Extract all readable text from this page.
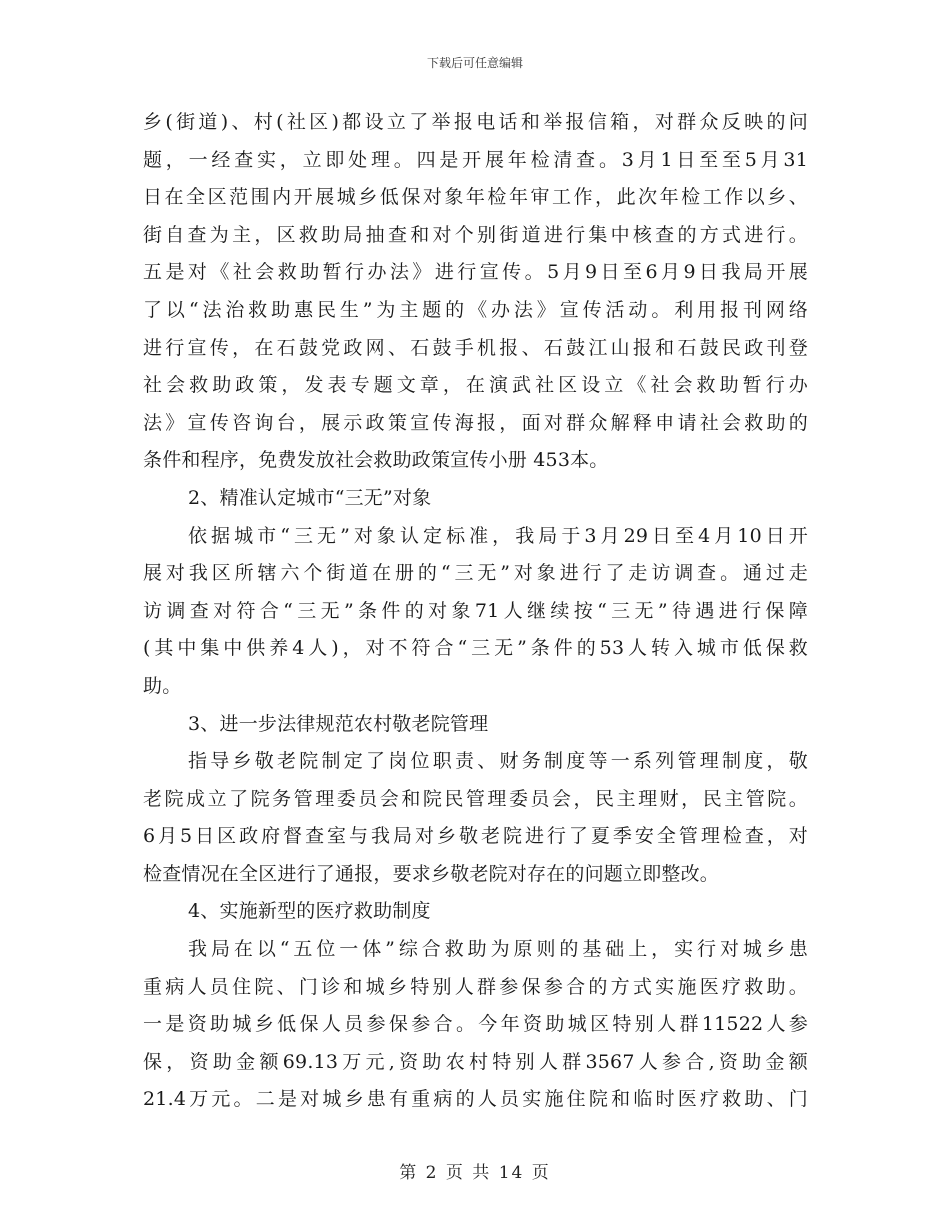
下载后可任意编辑
乡(街道)、村(社区)都设立了举报电话和举报信箱，对群众反映的问
题，一经查实，立即处理。四是开展年检清查。3月1日至至5月31
日在全区范围内开展城乡低保对象年检年审工作，此次年检工作以乡、
街自查为主，区救助局抽查和对个别街道进行集中核查的方式进行。
五是对《社会救助暂行办法》进行宣传。5月9日至6月9日我局开展
了以“法治救助惠民生”为主题的《办法》宣传活动。利用报刊网络
进行宣传，在石鼓党政网、石鼓手机报、石鼓江山报和石鼓民政刊登
社会救助政策，发表专题文章，在演武社区设立《社会救助暂行办
法》宣传咨询台，展示政策宣传海报，面对群众解释申请社会救助的
条件和程序，免费发放社会救助政策宣传小册 453本。
2、精准认定城市“三无”对象
依据城市“三无”对象认定标准，我局于3月29日至4月10日开
展对我区所辖六个街道在册的“三无”对象进行了走访调查。通过走
访调查对符合“三无”条件的对象71人继续按“三无”待遇进行保障
(其中集中供养4人)，对不符合“三无”条件的53人转入城市低保救
助。
3、进一步法律规范农村敬老院管理
指导乡敬老院制定了岗位职责、财务制度等一系列管理制度，敬
老院成立了院务管理委员会和院民管理委员会，民主理财，民主管院。
6月5日区政府督查室与我局对乡敬老院进行了夏季安全管理检查，对
检查情况在全区进行了通报，要求乡敬老院对存在的问题立即整改。
4、实施新型的医疗救助制度
我局在以“五位一体”综合救助为原则的基础上，实行对城乡患
重病人员住院、门诊和城乡特别人群参保参合的方式实施医疗救助。
一是资助城乡低保人员参保参合。今年资助城区特别人群11522人参
保，资助金额69.13万元,资助农村特别人群3567人参合,资助金额
21.4万元。二是对城乡患有重病的人员实施住院和临时医疗救助、门
第 2 页 共 14 页
